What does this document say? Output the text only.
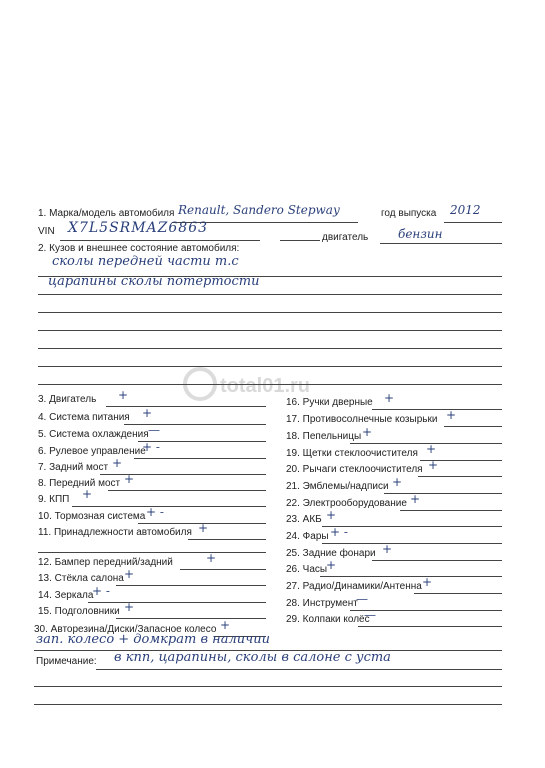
total01.ru
1. Марка/модель автомобиля Renault, Sandero Stepway	год выпуска 2012
VIN X7L5SRMAZ6863
двигатель бензин
2. Кузов и внешнее состояние автомобиля:
сколы передней части т.с
царапины сколы потертости
3. Двигатель +
4. Система питания +
5. Система охлаждения —
6. Рулевое управление
+ -
7. Задний мост +
8. Передний мост +
9. КПП +
10. Тормозная система + -
11. Принадлежности автомобиля +
12. Бампер передний/задний	+
13. Стёкла салона +
14. Зеркала
+ -
15. Подголовники +
16. Ручки дверные +
17. Противосолнечные козырьки +
18. Пепельницы +
19. Щетки стеклоочистителя +
20. Рычаги стеклоочистителя +
21. Эмблемы/надписи +
22. Электрооборудование +
23. АКБ +
24. Фары + -
25. Задние фонари +
26. Часы
+
27. Радио/Динамики/Антенна +
28. Инструмент
—
29. Колпаки колёс
—
30. Авторезина/Диски/Запасное колесо +
зап. колесо + домкрат в наличии
Примечание: в кпп, царапины, сколы в салоне с уста
